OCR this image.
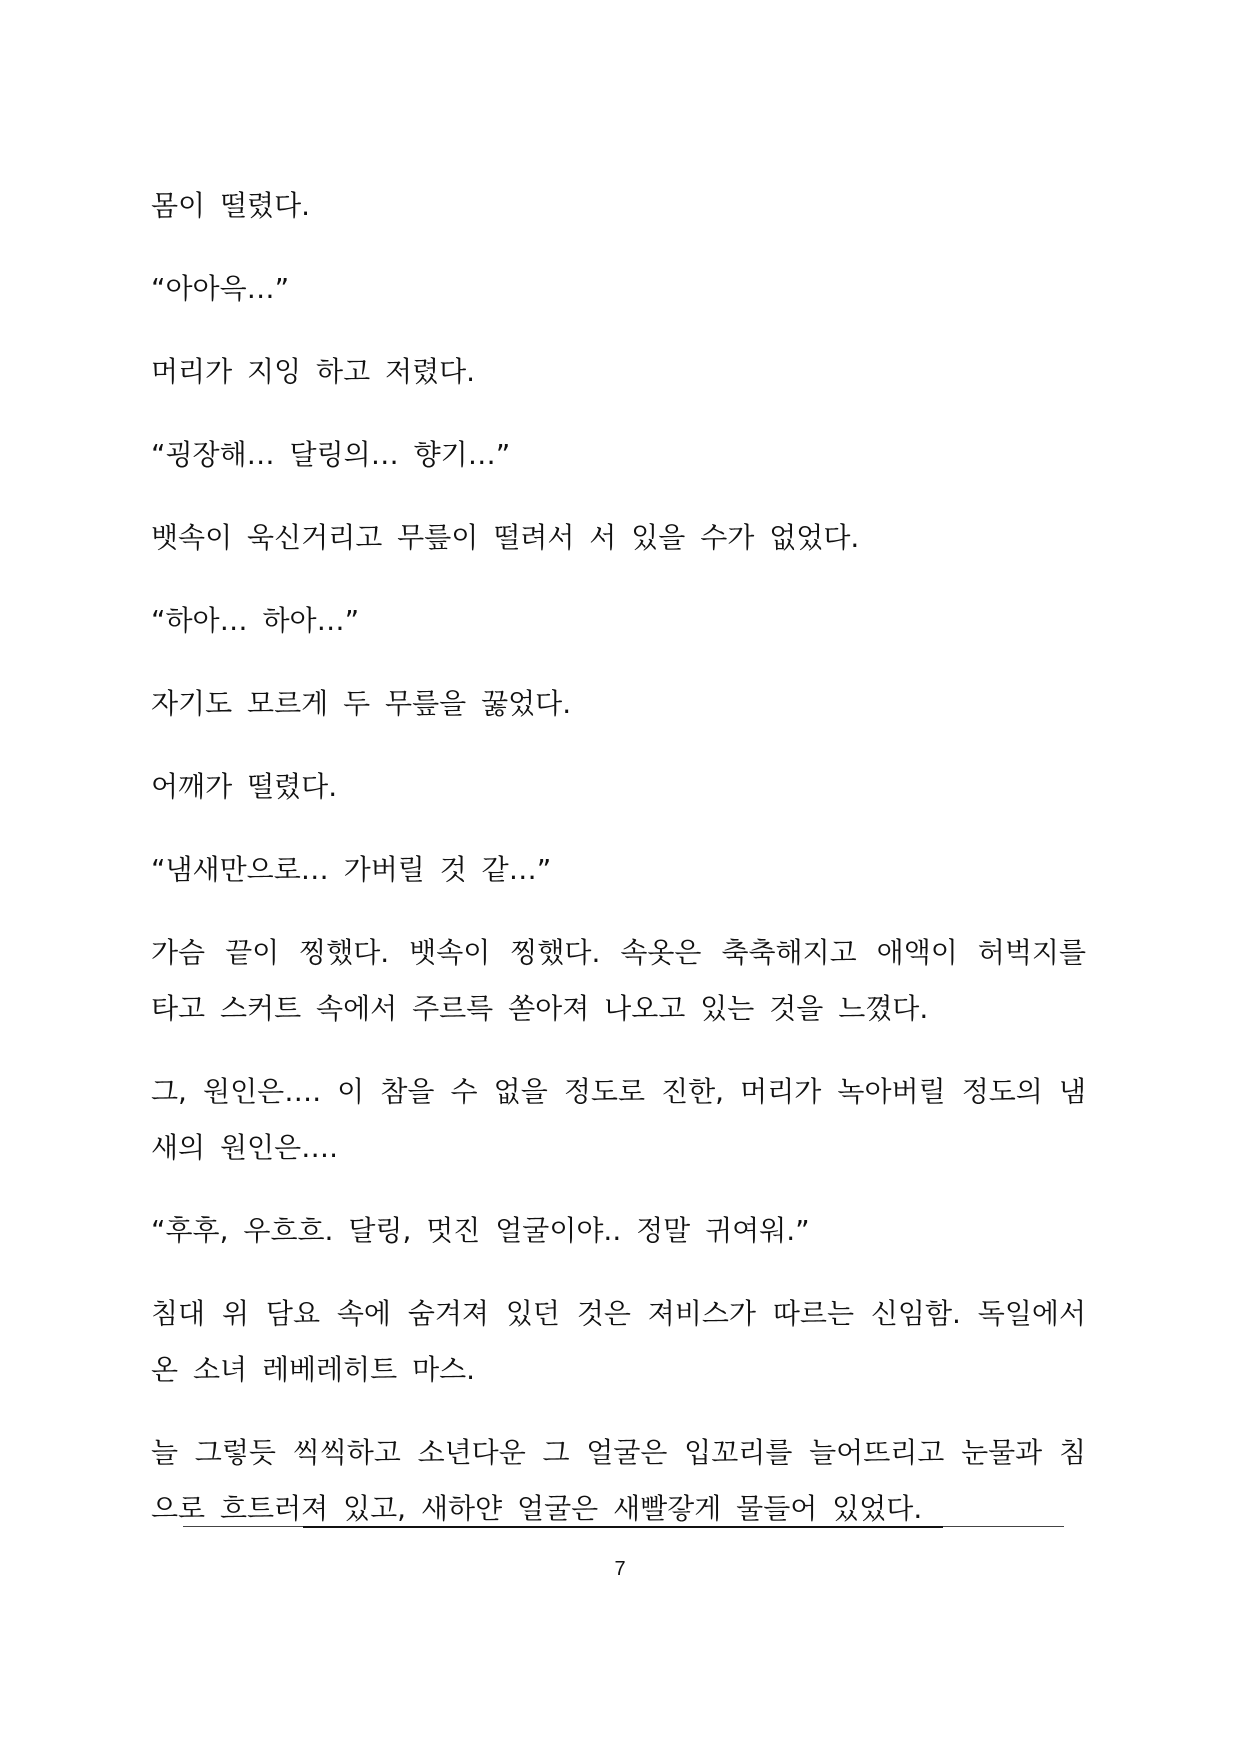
몸이 떨렸다.

“아아윽…”

머리가 지잉 하고 저렸다.

“굉장해… 달링의… 향기…”

뱃속이 욱신거리고 무릎이 떨려서 서 있을 수가 없었다.

“하아… 하아…”

자기도 모르게 두 무릎을 꿇었다.

어깨가 떨렸다.

“냄새만으로… 가버릴 것 같…”

가슴 끝이 찡했다. 뱃속이 찡했다. 속옷은 축축해지고 애액이 허벅지를 타고 스커트 속에서 주르륵 쏟아져 나오고 있는 것을 느꼈다.

그, 원인은…. 이 참을 수 없을 정도로 진한, 머리가 녹아버릴 정도의 냄새의 원인은….

“후후, 우흐흐. 달링, 멋진 얼굴이야.. 정말 귀여워.”

침대 위 담요 속에 숨겨져 있던 것은 져비스가 따르는 신임함. 독일에서 온 소녀 레베레히트 마스.

늘 그렇듯 씩씩하고 소년다운 그 얼굴은 입꼬리를 늘어뜨리고 눈물과 침으로 흐트러져 있고, 새하얀 얼굴은 새빨갛게 물들어 있었다.

7
